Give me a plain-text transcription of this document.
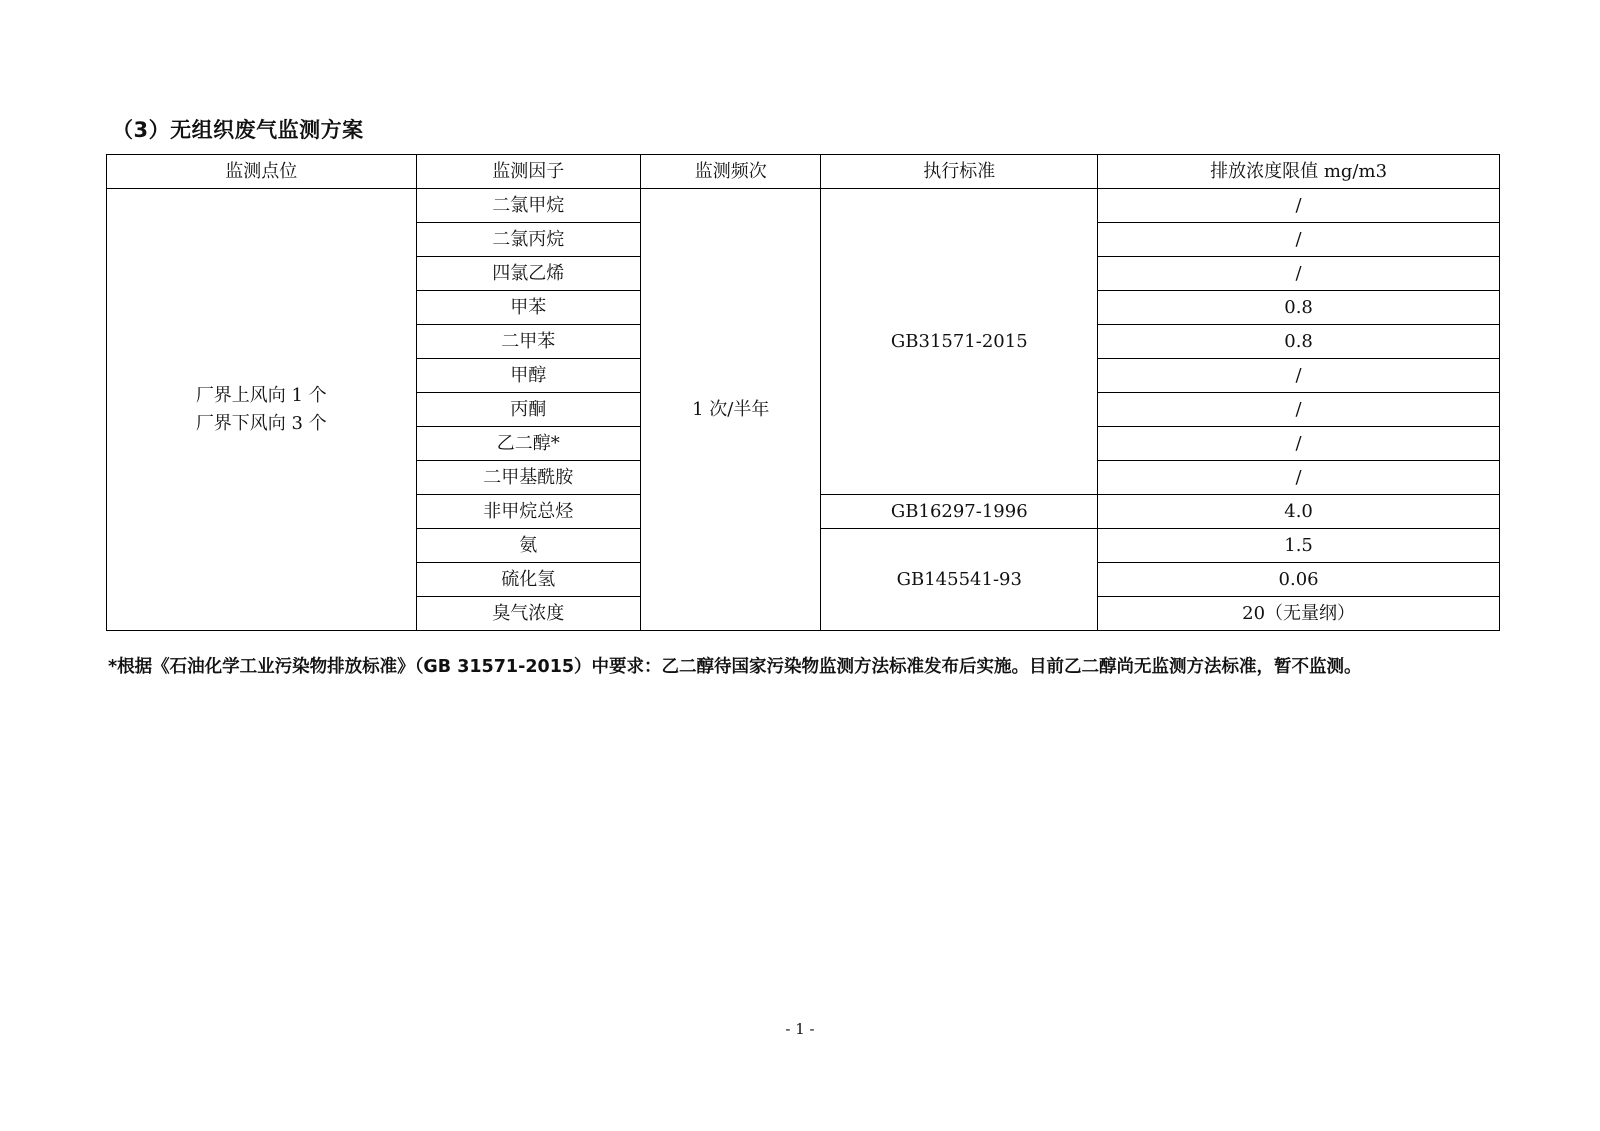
（3）无组织废气监测方案
监测点位	监测因子	监测频次	执行标准	排放浓度限值 mg/m3

厂界上风向 1 个
厂界下风向 3 个	二氯甲烷	1 次/半年	GB31571-2015	/
	二氯丙烷			/
	四氯乙烯			/
	甲苯			0.8
	二甲苯			0.8
	甲醇			/
	丙酮			/
	乙二醇*			/
	二甲基酰胺			/
	非甲烷总烃		GB16297-1996	4.0
	氨		GB145541-93	1.5
	硫化氢			0.06
	臭气浓度			20（无量纲）
*根据《石油化学工业污染物排放标准》（GB 31571-2015）中要求：乙二醇待国家污染物监测方法标准发布后实施。目前乙二醇尚无监测方法标准，暂不监测。
- 1 -
